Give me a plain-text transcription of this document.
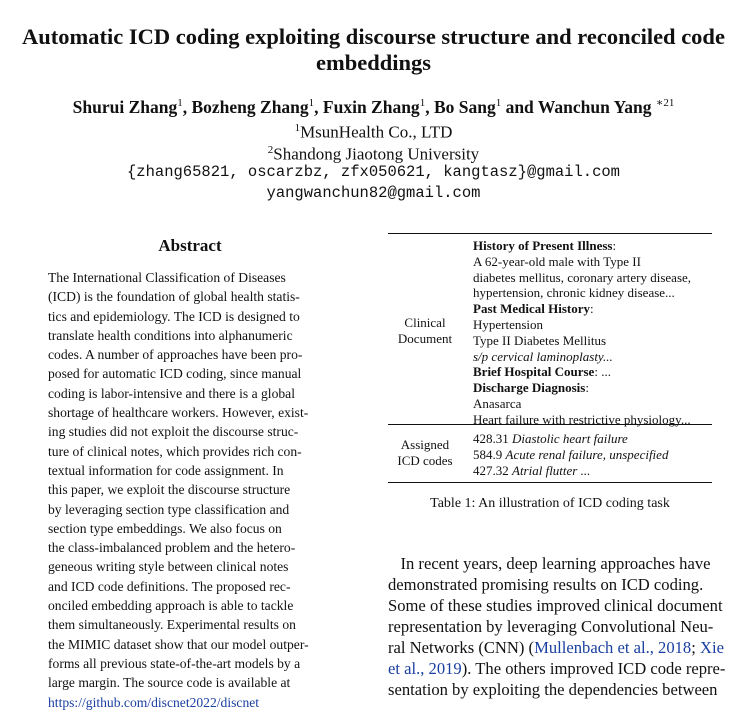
Automatic ICD coding exploiting discourse structure and reconciled code
embeddings
Shurui Zhang$^1$, Bozheng Zhang$^1$, Fuxin Zhang$^1$, Bo Sang$^1$ and Wanchun Yang $^{∗21}$
$^1$MsunHealth Co., LTD
$^2$Shandong Jiaotong University
{zhang65821, oscarzbz, zfx050621, kangtasz}@gmail.com
yangwanchun82@gmail.com
Abstract
The International Classification of Diseases
(ICD) is the foundation of global health statis-
tics and epidemiology. The ICD is designed to
translate health conditions into alphanumeric
codes. A number of approaches have been pro-
posed for automatic ICD coding, since manual
coding is labor-intensive and there is a global
shortage of healthcare workers. However, exist-
ing studies did not exploit the discourse struc-
ture of clinical notes, which provides rich con-
textual information for code assignment. In
this paper, we exploit the discourse structure
by leveraging section type classification and
section type embeddings. We also focus on
the class-imbalanced problem and the hetero-
geneous writing style between clinical notes
and ICD code definitions. The proposed rec-
onciled embedding approach is able to tackle
them simultaneously. Experimental results on
the MIMIC dataset show that our model outper-
forms all previous state-of-the-art models by a
large margin. The source code is available at
https://github.com/discnet2022/discnet
Clinical
Document
History of Present Illness:
A 62-year-old male with Type II
diabetes mellitus, coronary artery disease,
hypertension, chronic kidney disease...
Past Medical History:
Hypertension
Type II Diabetes Mellitus
s/p cervical laminoplasty...
Brief Hospital Course: ...
Discharge Diagnosis:
Anasarca
Heart failure with restrictive physiology...
Assigned
ICD codes
428.31 Diastolic heart failure
584.9 Acute renal failure, unspecified
427.32 Atrial flutter ...
Table 1: An illustration of ICD coding task
In recent years, deep learning approaches have
demonstrated promising results on ICD coding.
Some of these studies improved clinical document
representation by leveraging Convolutional Neu-
ral Networks (CNN) (Mullenbach et al., 2018; Xie
et al., 2019). The others improved ICD code repre-
sentation by exploiting the dependencies between
